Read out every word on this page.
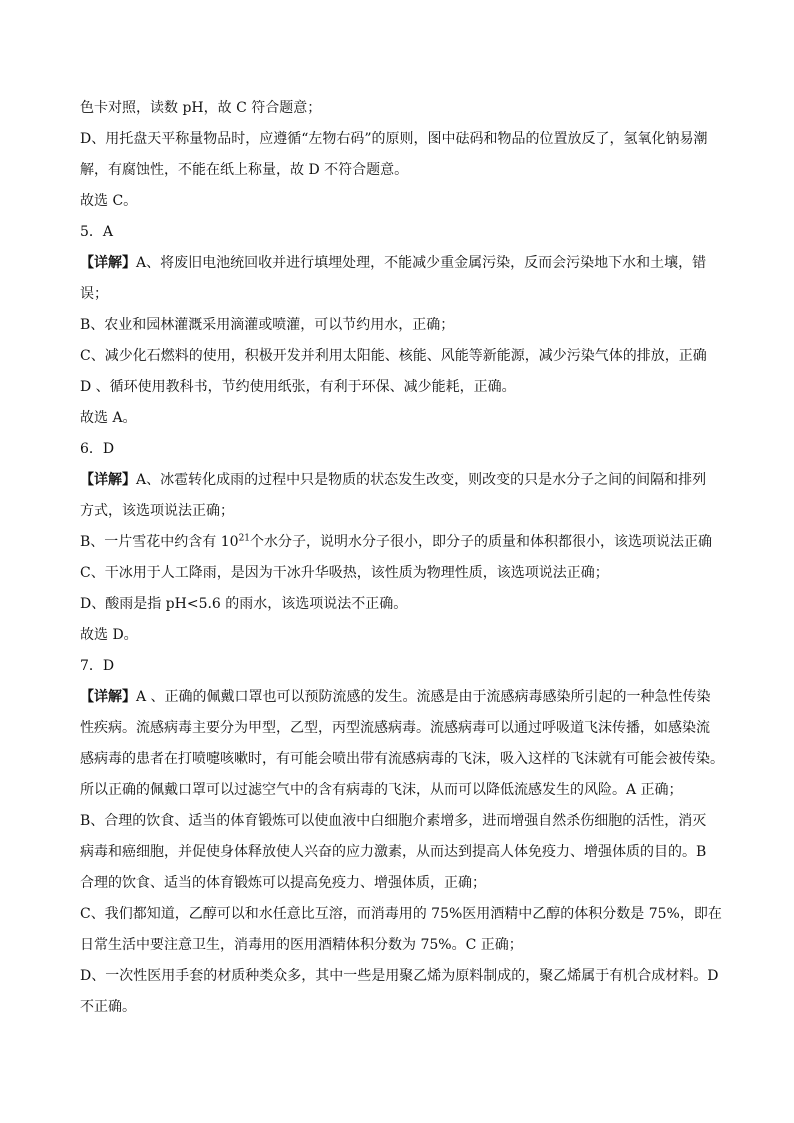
色卡对照，读数 pH，故 C 符合题意；
D、用托盘天平称量物品时，应遵循“左物右码”的原则，图中砝码和物品的位置放反了，氢氧化钠易潮
解，有腐蚀性，不能在纸上称量，故 D 不符合题意。
故选 C。
5．A
【详解】A、将废旧电池统回收并进行填埋处理，不能减少重金属污染，反而会污染地下水和土壤，错
误；
B、农业和园林灌溉采用滴灌或喷灌，可以节约用水，正确；
C、减少化石燃料的使用，积极开发并利用太阳能、核能、风能等新能源，减少污染气体的排放，正确
D 、循环使用教科书，节约使用纸张，有利于环保、减少能耗，正确。
故选 A。
6．D
【详解】A、冰雹转化成雨的过程中只是物质的状态发生改变，则改变的只是水分子之间的间隔和排列
方式，该选项说法正确；
B、一片雪花中约含有 $10^{21}$个水分子，说明水分子很小，即分子的质量和体积都很小，该选项说法正确
C、干冰用于人工降雨，是因为干冰升华吸热，该性质为物理性质，该选项说法正确；
D、酸雨是指 pH<5.6 的雨水，该选项说法不正确。
故选 D。
7．D
【详解】A 、正确的佩戴口罩也可以预防流感的发生。流感是由于流感病毒感染所引起的一种急性传染
性疾病。流感病毒主要分为甲型，乙型，丙型流感病毒。流感病毒可以通过呼吸道飞沫传播，如感染流
感病毒的患者在打喷嚏咳嗽时，有可能会喷出带有流感病毒的飞沫，吸入这样的飞沫就有可能会被传染。
所以正确的佩戴口罩可以过滤空气中的含有病毒的飞沫，从而可以降低流感发生的风险。A 正确；
B、合理的饮食、适当的体育锻炼可以使血液中白细胞介素增多，进而增强自然杀伤细胞的活性，消灭
病毒和癌细胞，并促使身体释放使人兴奋的应力激素，从而达到提高人体免疫力、增强体质的目的。B
合理的饮食、适当的体育锻炼可以提高免疫力、增强体质，正确；
C、我们都知道，乙醇可以和水任意比互溶，而消毒用的 75%医用酒精中乙醇的体积分数是 75%，即在
日常生活中要注意卫生，消毒用的医用酒精体积分数为 75%。C 正确；
D、一次性医用手套的材质种类众多，其中一些是用聚乙烯为原料制成的，聚乙烯属于有机合成材料。D
不正确。
